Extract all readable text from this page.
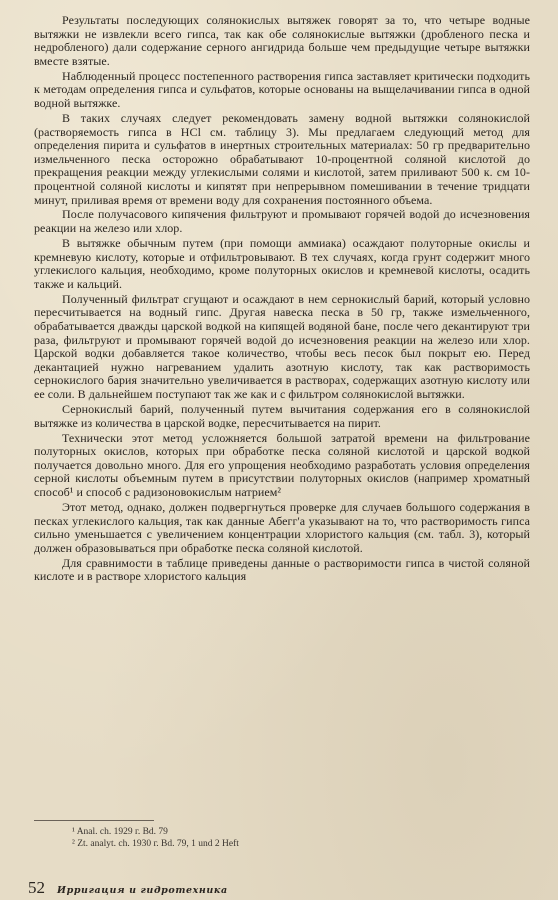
Результаты последующих солянокислых вытяжек говорят за то, что четыре водные вытяжки не извлекли всего гипса, так как обе солянокислые вытяжки (дробленого песка и недробленого) дали содержание серного ангидрида больше чем предыдущие четыре вытяжки вместе взятые.

Наблюденный процесс постепенного растворения гипса заставляет критически подходить к методам определения гипса и сульфатов, которые основаны на выщелачивании гипса в одной водной вытяжке.

В таких случаях следует рекомендовать замену водной вытяжки солянокислой (растворяемость гипса в HCl см. таблицу 3). Мы предлагаем следующий метод для определения пирита и сульфатов в инертных строительных материалах: 50 гр предварительно измельченного песка осторожно обрабатывают 10-процентной соляной кислотой до прекращения реакции между углекислыми солями и кислотой, затем приливают 500 к. см 10-процентной соляной кислоты и кипятят при непрерывном помешивании в течение тридцати минут, приливая время от времени воду для сохранения постоянного объема.

После получасового кипячения фильтруют и промывают горячей водой до исчезновения реакции на железо или хлор.

В вытяжке обычным путем (при помощи аммиака) осаждают полуторные окислы и кремневую кислоту, которые и отфильтровывают. В тех случаях, когда грунт содержит много углекислого кальция, необходимо, кроме полуторных окислов и кремневой кислоты, осадить также и кальций.

Полученный фильтрат сгущают и осаждают в нем сернокислый барий, который условно пересчитывается на водный гипс. Другая навеска песка в 50 гр, также измельченного, обрабатывается дважды царской водкой на кипящей водяной бане, после чего декантируют три раза, фильтруют и промывают горячей водой до исчезновения реакции на железо или хлор. Царской водки добавляется такое количество, чтобы весь песок был покрыт ею. Перед декантацией нужно нагреванием удалить азотную кислоту, так как растворимость сернокислого бария значительно увеличивается в растворах, содержащих азотную кислоту или ее соли. В дальнейшем поступают так же как и с фильтром солянокислой вытяжки.

Сернокислый барий, полученный путем вычитания содержания его в солянокислой вытяжке из количества в царской водке, пересчитывается на пирит.

Технически этот метод усложняется большой затратой времени на фильтрование полуторных окислов, которых при обработке песка соляной кислотой и царской водкой получается довольно много. Для его упрощения необходимо разработать условия определения серной кислоты объемным путем в присутствии полуторных окислов (например хроматный способ¹ и способ с радизоновокислым натрием²

Этот метод, однако, должен подвергнуться проверке для случаев большого содержания в песках углекислого кальция, так как данные Абегг'а указывают на то, что растворимость гипса сильно уменьшается с увеличением концентрации хлористого кальция (см. табл. 3), который должен образовываться при обработке песка соляной кислотой.

Для сравнимости в таблице приведены данные о растворимости гипса в чистой соляной кислоте и в растворе хлористого кальция

¹ Anal. ch. 1929 г. Bd. 79

² Zt. analyt. ch. 1930 г. Bd. 79, 1 und 2 Heft

52 Ирригация и гидротехника
